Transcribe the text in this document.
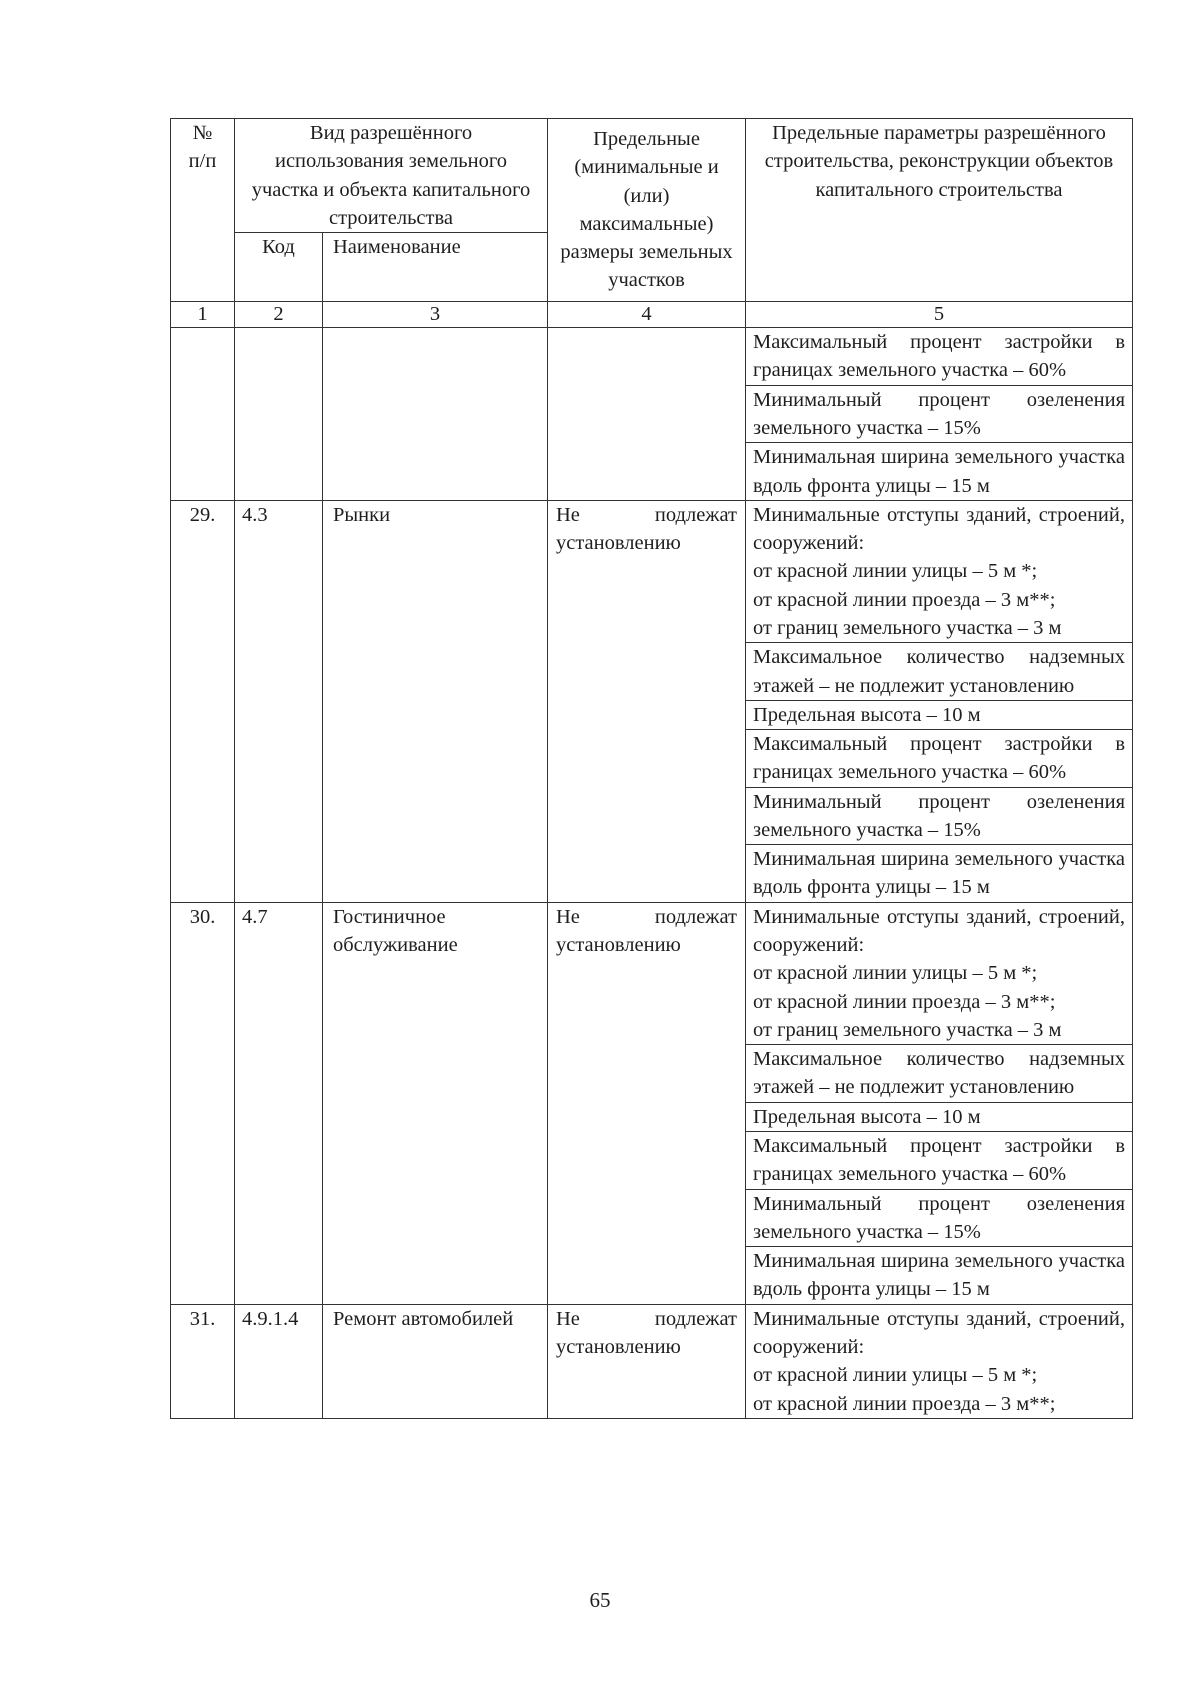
№
п/п	Вид разрешённого использования земельного участка и объекта капитального строительства		Предельные (минимальные и (или) максимальные) размеры земельных участков	Предельные параметры разрешённого строительства, реконструкции объектов капитального строительства
	Код	Наименование		
1	2	3	4	5

				Максимальный процент застройки в границах земельного участка – 60%

				Минимальный процент озеленения земельного участка – 15%

				Минимальная ширина земельного участка вдоль фронта улицы – 15 м

29.	4.3	Рынки	Не подлежат установлению	Минимальные отступы зданий, строений, сооружений:
от красной линии улицы – 5 м *;
от красной линии проезда – 3 м**;
от границ земельного участка – 3 м

				Максимальное количество надземных этажей – не подлежит установлению

				Предельная высота – 10 м

				Максимальный процент застройки в границах земельного участка – 60%

				Минимальный процент озеленения земельного участка – 15%

				Минимальная ширина земельного участка вдоль фронта улицы – 15 м

30.	4.7	Гостиничное обслуживание	Не подлежат установлению	Минимальные отступы зданий, строений, сооружений:
от красной линии улицы – 5 м *;
от красной линии проезда – 3 м**;
от границ земельного участка – 3 м

				Максимальное количество надземных этажей – не подлежит установлению

				Предельная высота – 10 м

				Максимальный процент застройки в границах земельного участка – 60%

				Минимальный процент озеленения земельного участка – 15%

				Минимальная ширина земельного участка вдоль фронта улицы – 15 м

31.	4.9.1.4	Ремонт автомобилей	Не подлежат установлению	Минимальные отступы зданий, строений, сооружений:
от красной линии улицы – 5 м *;
от красной линии проезда – 3 м**;
65
